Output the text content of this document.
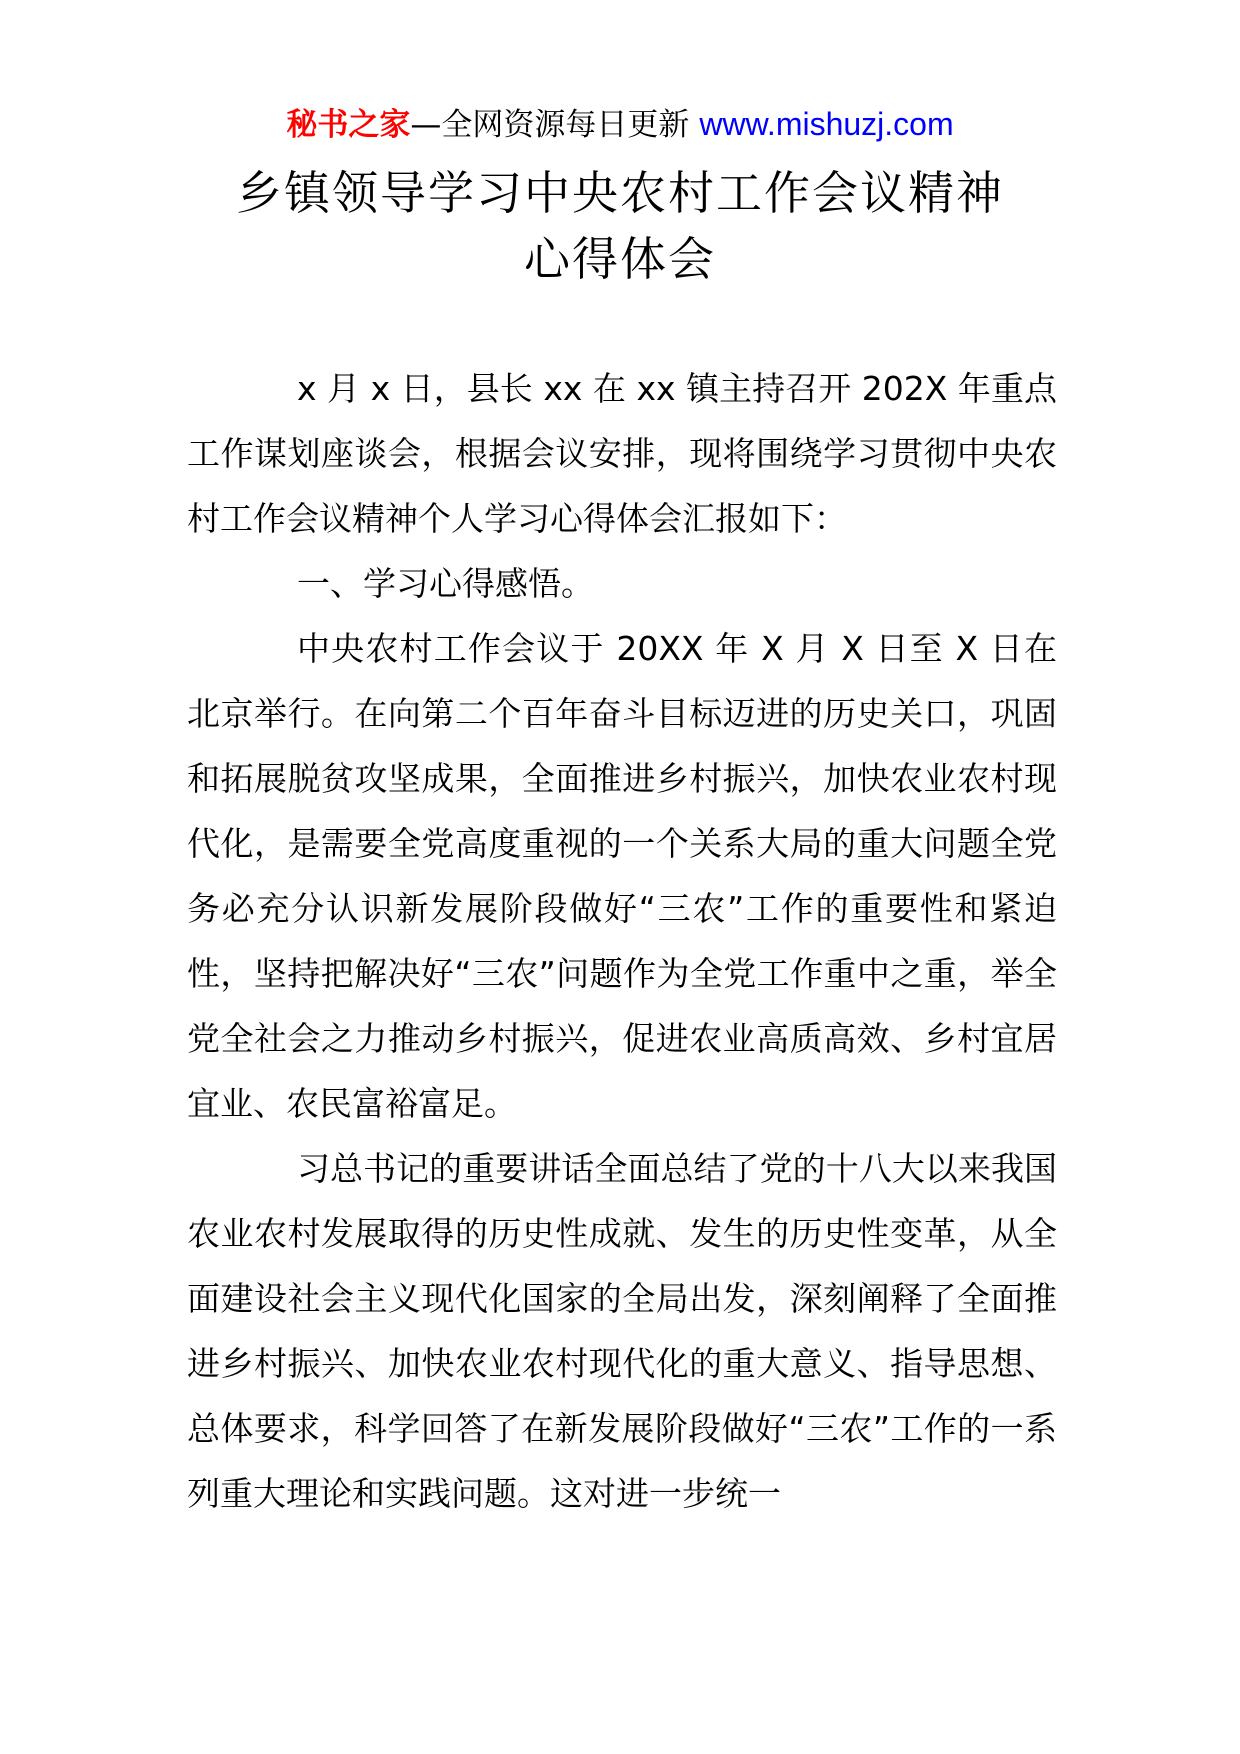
秘书之家—全网资源每日更新 www.mishuzj.com
乡镇领导学习中央农村工作会议精神
心得体会

x 月 x 日，县长 xx 在 xx 镇主持召开 202X 年重点工作谋划座谈会，根据会议安排，现将围绕学习贯彻中央农村工作会议精神个人学习心得体会汇报如下：

一、学习心得感悟。

中央农村工作会议于 20XX 年 X 月 X 日至 X 日在北京举行。在向第二个百年奋斗目标迈进的历史关口，巩固和拓展脱贫攻坚成果，全面推进乡村振兴，加快农业农村现代化，是需要全党高度重视的一个关系大局的重大问题全党务必充分认识新发展阶段做好“三农”工作的重要性和紧迫性，坚持把解决好“三农”问题作为全党工作重中之重，举全党全社会之力推动乡村振兴，促进农业高质高效、乡村宜居宜业、农民富裕富足。

习总书记的重要讲话全面总结了党的十八大以来我国农业农村发展取得的历史性成就、发生的历史性变革，从全面建设社会主义现代化国家的全局出发，深刻阐释了全面推进乡村振兴、加快农业农村现代化的重大意义、指导思想、总体要求，科学回答了在新发展阶段做好“三农”工作的一系列重大理论和实践问题。这对进一步统一
